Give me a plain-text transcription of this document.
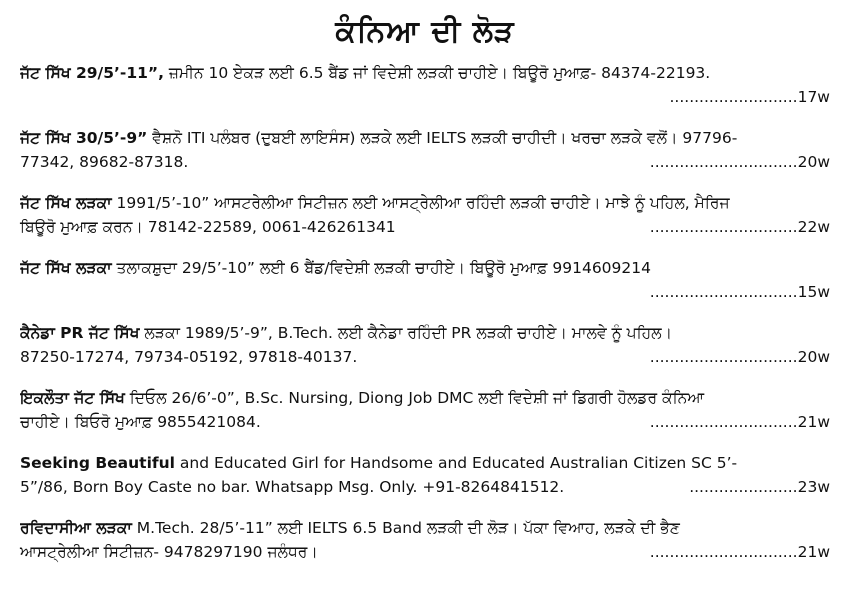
ਕੰਨਿਆ ਦੀ ਲੋੜ
ਜੱਟ ਸਿੱਖ 29/5’-11”, ਜ਼ਮੀਨ 10 ਏਕੜ ਲਈ 6.5 ਬੈਂਡ ਜਾਂ ਵਿਦੇਸ਼ੀ ਲੜਕੀ ਚਾਹੀਏ। ਬਿਊਰੋ ਮੁਆਫ਼- 84374-22193.
..........................17w
ਜੱਟ ਸਿੱਖ 30/5’-9” ਵੈਸ਼ਨੋ ITI ਪਲੰਬਰ (ਦੁਬਈ ਲਾਇਸੰਸ) ਲੜਕੇ ਲਈ IELTS ਲੜਕੀ ਚਾਹੀਦੀ। ਖਰਚਾ ਲੜਕੇ ਵਲੋਂ। 97796-
77342, 89682-87318.	..............................20w
ਜੱਟ ਸਿੱਖ ਲੜਕਾ 1991/5’-10” ਆਸਟਰੇਲੀਆ ਸਿਟੀਜ਼ਨ ਲਈ ਆਸਟ੍ਰੇਲੀਆ ਰਹਿੰਦੀ ਲੜਕੀ ਚਾਹੀਏ। ਮਾਝੇ ਨੂੰ ਪਹਿਲ, ਮੈਰਿਜ
ਬਿਊਰੋ ਮੁਆਫ਼ ਕਰਨ। 78142-22589, 0061-426261341	..............................22w
ਜੱਟ ਸਿੱਖ ਲੜਕਾ ਤਲਾਕਸ਼ੁਦਾ 29/5’-10” ਲਈ 6 ਬੈਂਡ/ਵਿਦੇਸ਼ੀ ਲੜਕੀ ਚਾਹੀਏ। ਬਿਊਰੋ ਮੁਆਫ਼ 9914609214
..............................15w
ਕੈਨੇਡਾ PR ਜੱਟ ਸਿੱਖ ਲੜਕਾ 1989/5’-9”, B.Tech. ਲਈ ਕੈਨੇਡਾ ਰਹਿੰਦੀ PR ਲੜਕੀ ਚਾਹੀਏ। ਮਾਲਵੇ ਨੂੰ ਪਹਿਲ।
87250-17274, 79734-05192, 97818-40137.	..............................20w
ਇਕਲੌਤਾ ਜੱਟ ਸਿੱਖ ਦਿਓਲ 26/6’-0”, B.Sc. Nursing, Diong Job DMC ਲਈ ਵਿਦੇਸ਼ੀ ਜਾਂ ਡਿਗਰੀ ਹੋਲਡਰ ਕੰਨਿਆ
ਚਾਹੀਏ। ਬਿਓਰੋ ਮੁਆਫ਼ 9855421084.	..............................21w
Seeking Beautiful and Educated Girl for Handsome and Educated Australian Citizen SC 5’-
5”/86, Born Boy Caste no bar. Whatsapp Msg. Only. +91-8264841512.	......................23w
ਰਵਿਦਾਸੀਆ ਲੜਕਾ M.Tech. 28/5’-11” ਲਈ IELTS 6.5 Band ਲੜਕੀ ਦੀ ਲੋੜ। ਪੱਕਾ ਵਿਆਹ, ਲੜਕੇ ਦੀ ਭੈਣ
ਆਸਟ੍ਰੇਲੀਆ ਸਿਟੀਜ਼ਨ- 9478297190 ਜਲੰਧਰ।	..............................21w
